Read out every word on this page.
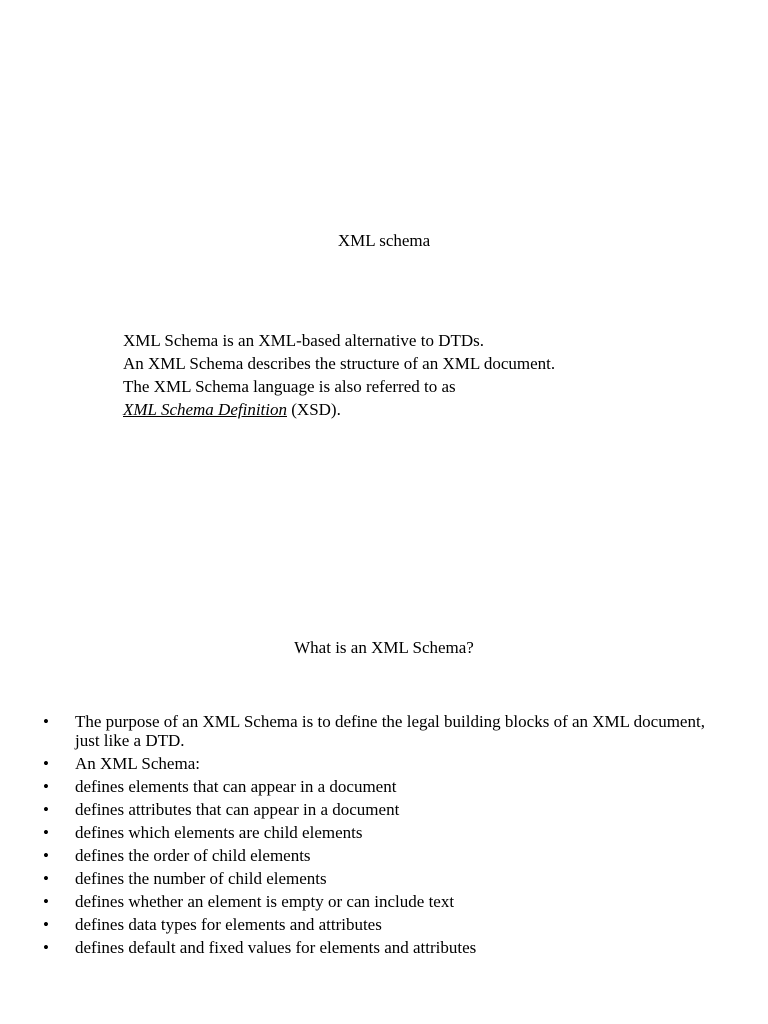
XML schema

XML Schema is an XML-based alternative to DTDs.
An XML Schema describes the structure of an XML document.
The XML Schema language is also referred to as
XML Schema Definition (XSD).

What is an XML Schema?
• The purpose of an XML Schema is to define the legal building blocks of an XML document, just like a DTD.
• An XML Schema:
• defines elements that can appear in a document
• defines attributes that can appear in a document
• defines which elements are child elements
• defines the order of child elements
• defines the number of child elements
• defines whether an element is empty or can include text
• defines data types for elements and attributes
• defines default and fixed values for elements and attributes
